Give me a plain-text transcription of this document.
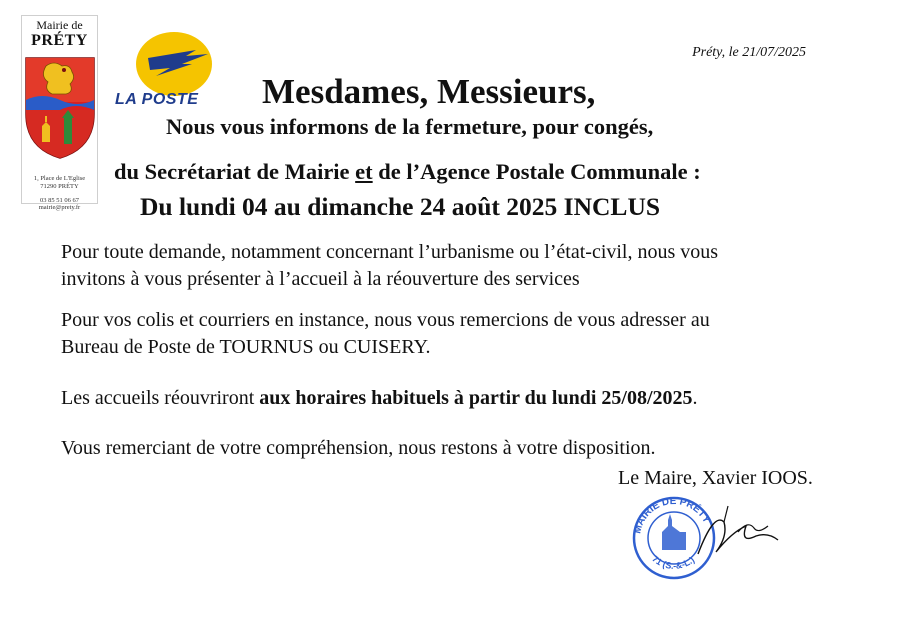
Mairie de
PRÉTY
1, Place de L'Eglise
71290 PRÉTY
03 85 51 06 67
mairie@prety.fr
LA POSTE
Préty, le 21/07/2025
Mesdames, Messieurs,
Nous vous informons de la fermeture, pour congés,
du Secrétariat de Mairie et de l’Agence Postale Communale :
Du lundi 04 au dimanche 24 août 2025 INCLUS
Pour toute demande, notamment concernant l’urbanisme ou l’état-civil, nous vous
invitons à vous présenter à l’accueil à la réouverture des services
Pour vos colis et courriers en instance, nous vous remercions de vous adresser au
Bureau de Poste de TOURNUS ou CUISERY.
Les accueils réouvriront aux horaires habituels à partir du lundi 25/08/2025.
Vous remerciant de votre compréhension, nous restons à votre disposition.
Le Maire, Xavier IOOS.
MAIRIE DE PRÉTY
71 (S.-&-L.)
